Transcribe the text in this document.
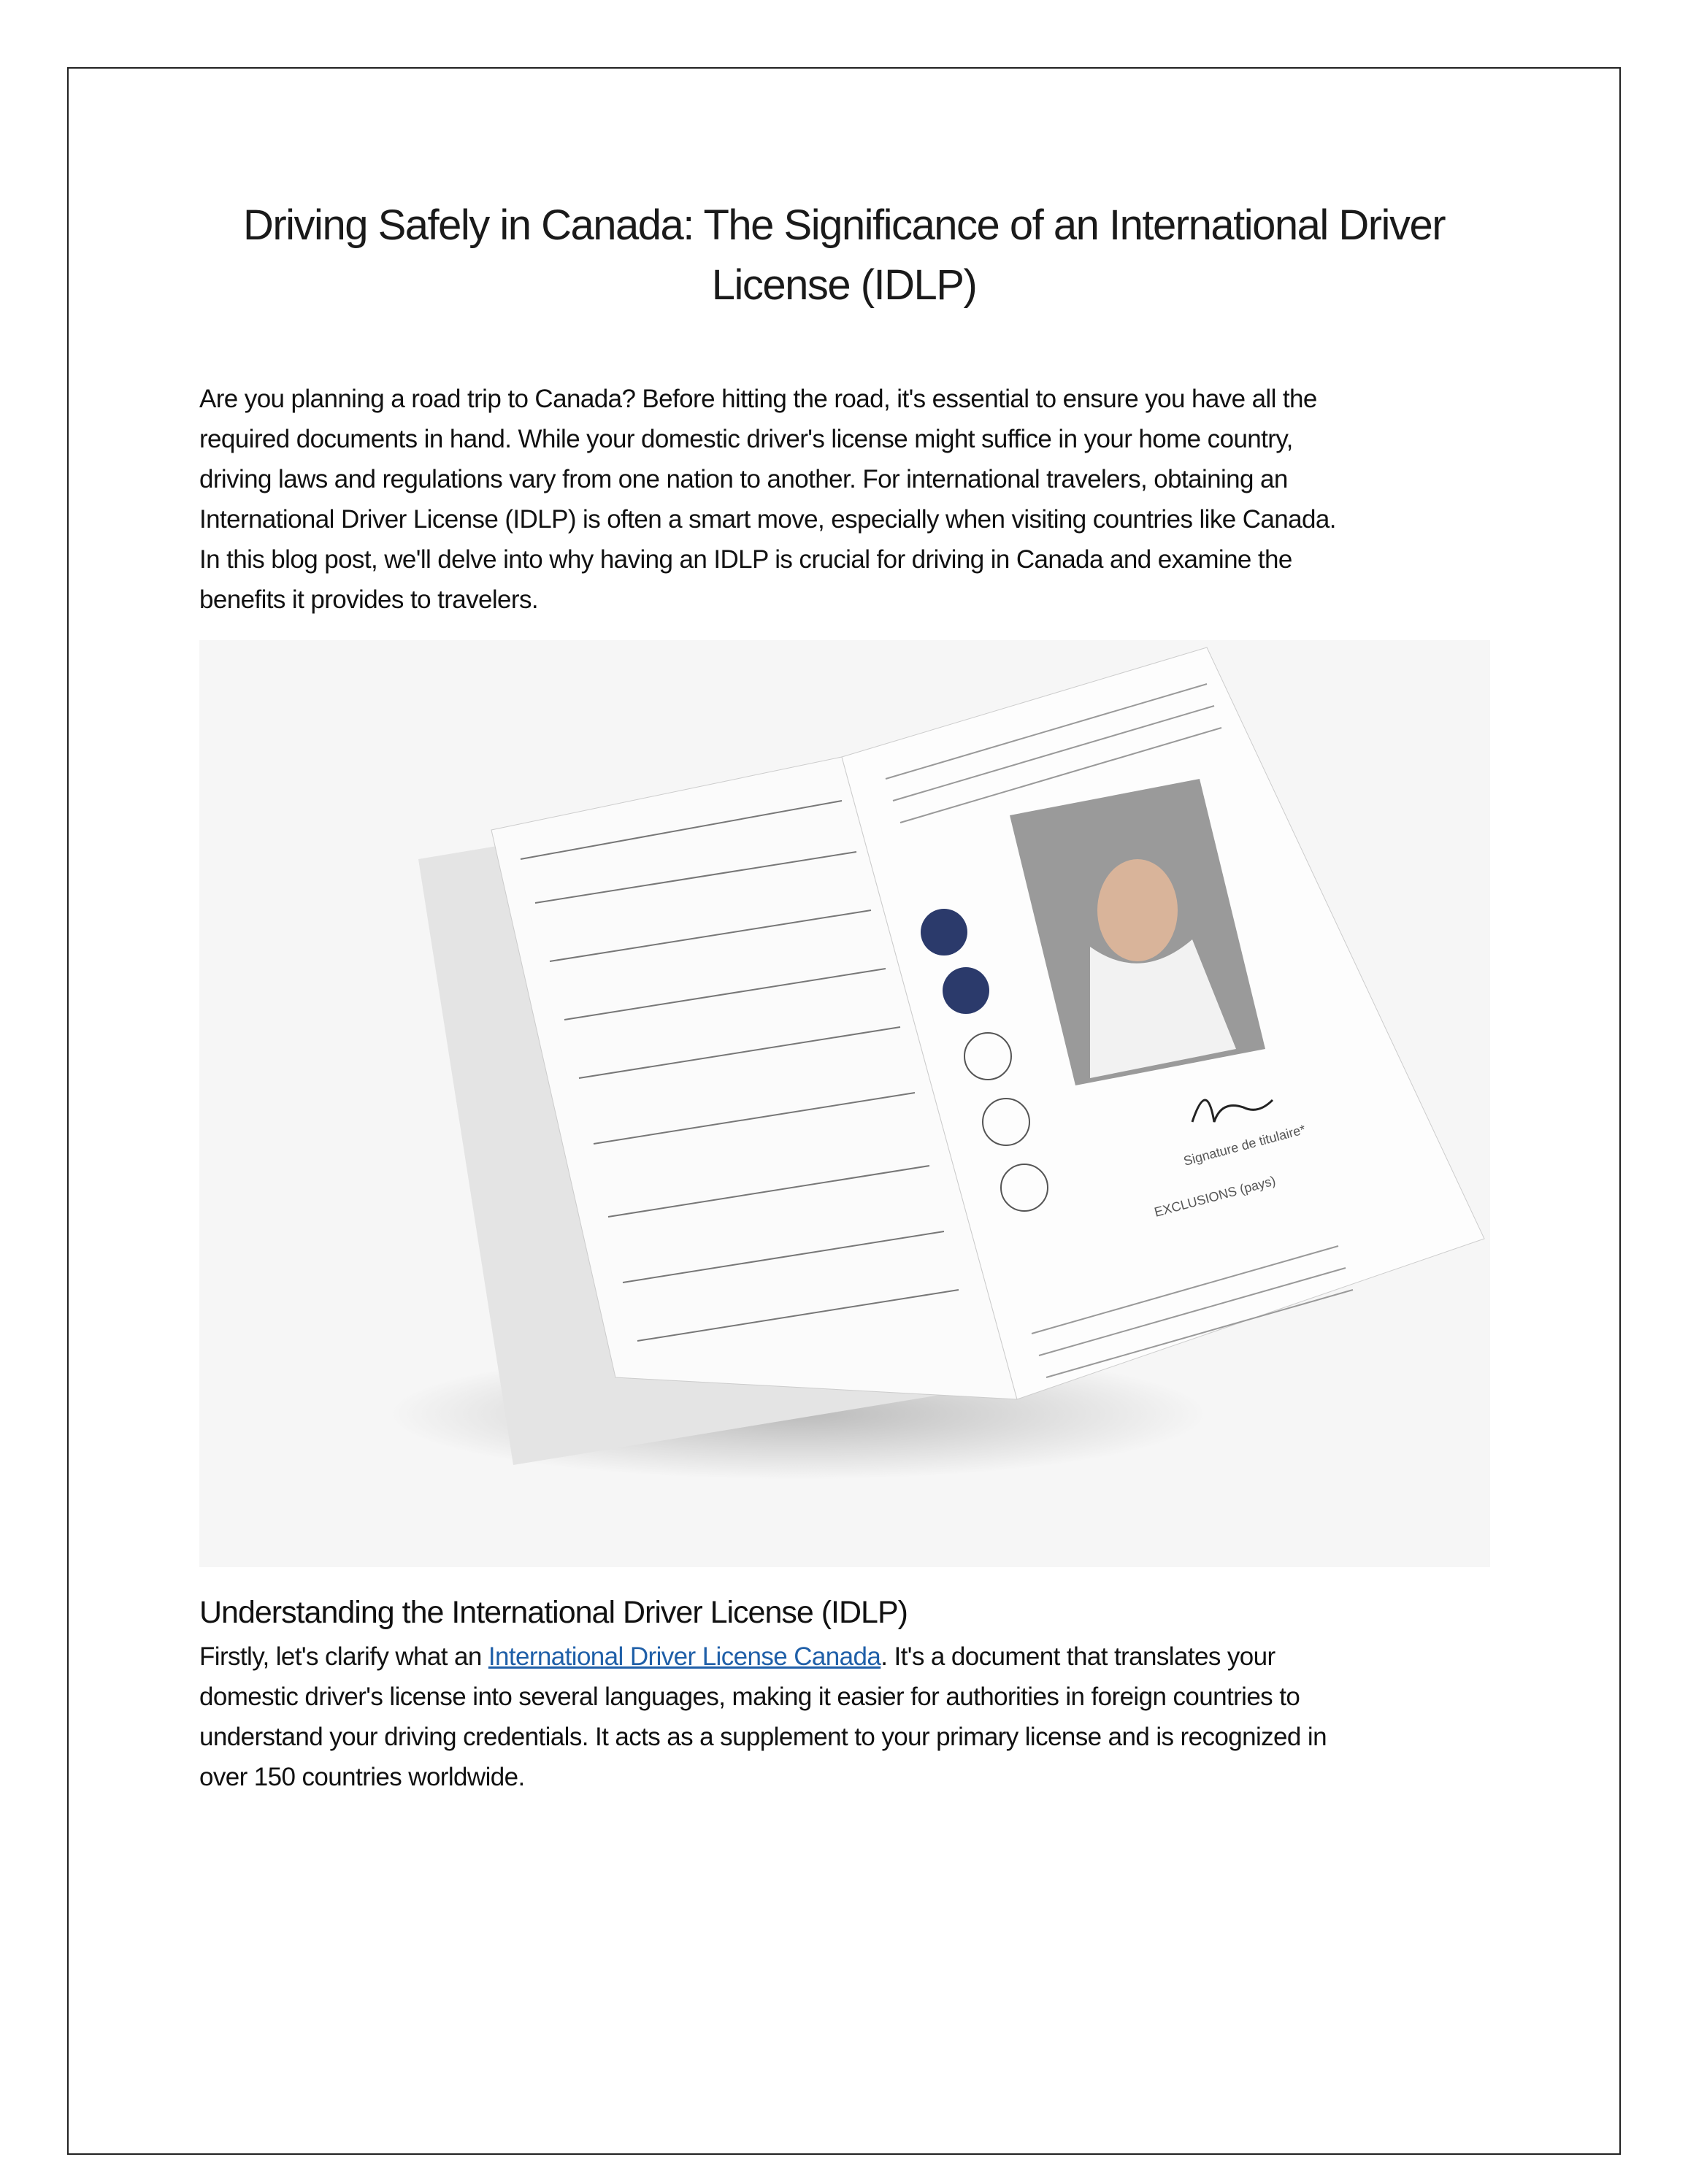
Driving Safely in Canada: The Significance of an International Driver
License (IDLP)
Are you planning a road trip to Canada? Before hitting the road, it's essential to ensure you have all the
required documents in hand. While your domestic driver's license might suffice in your home country,
driving laws and regulations vary from one nation to another. For international travelers, obtaining an
International Driver License (IDLP) is often a smart move, especially when visiting countries like Canada.
In this blog post, we'll delve into why having an IDLP is crucial for driving in Canada and examine the
benefits it provides to travelers.
Signature de titulaire*
EXCLUSIONS (pays)
Understanding the International Driver License (IDLP)
Firstly, let's clarify what an International Driver License Canada. It's a document that translates your
domestic driver's license into several languages, making it easier for authorities in foreign countries to
understand your driving credentials. It acts as a supplement to your primary license and is recognized in
over 150 countries worldwide.
